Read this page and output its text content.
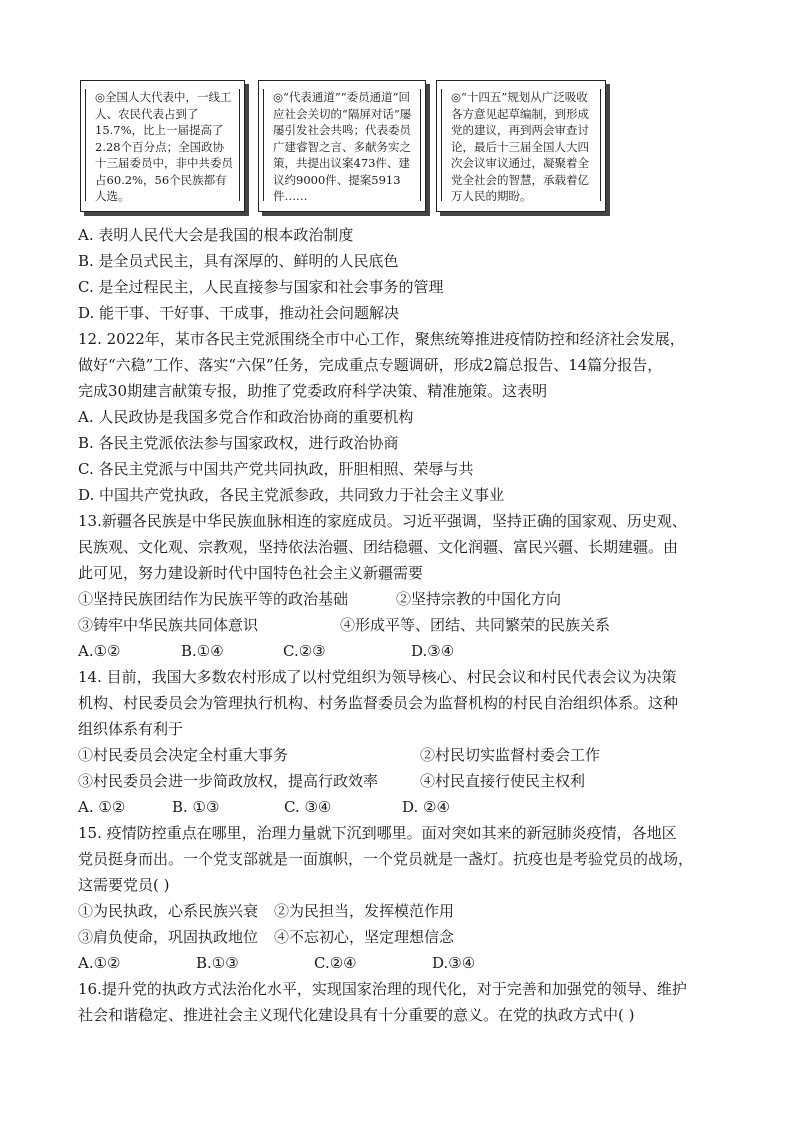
◎全国人大代表中，一线工人、农民代表占到了15.7%，比上一届提高了2.28个百分点；全国政协十三届委员中，非中共委员占60.2%，56个民族都有人选。
◎“代表通道”“委员通道”回应社会关切的“隔屏对话”屡屡引发社会共鸣；代表委员广建睿智之言、多献务实之策，共提出议案473件、建议约9000件、提案5913件……
◎“十四五”规划从广泛吸收各方意见起草编制，到形成党的建议，再到两会审查讨论，最后十三届全国人大四次会议审议通过，凝聚着全党全社会的智慧，承载着亿万人民的期盼。
A. 表明人民代大会是我国的根本政治制度
B. 是全员式民主，具有深厚的、鲜明的人民底色
C. 是全过程民主，人民直接参与国家和社会事务的管理
D. 能干事、干好事、干成事，推动社会问题解决
12. 2022年，某市各民主党派围绕全市中心工作，聚焦统筹推进疫情防控和经济社会发展，
做好“六稳”工作、落实“六保”任务，完成重点专题调研，形成2篇总报告、14篇分报告，
完成30期建言献策专报，助推了党委政府科学决策、精准施策。这表明
A. 人民政协是我国多党合作和政治协商的重要机构
B. 各民主党派依法参与国家政权，进行政治协商
C. 各民主党派与中国共产党共同执政，肝胆相照、荣辱与共
D. 中国共产党执政，各民主党派参政，共同致力于社会主义事业
13.新疆各民族是中华民族血脉相连的家庭成员。习近平强调，坚持正确的国家观、历史观、
民族观、文化观、宗教观，坚持依法治疆、团结稳疆、文化润疆、富民兴疆、长期建疆。由
此可见，努力建设新时代中国特色社会主义新疆需要
①坚持民族团结作为民族平等的政治基础	②坚持宗教的中国化方向
③铸牢中华民族共同体意识	④形成平等、团结、共同繁荣的民族关系
A.①②	B.①④	C.②③	D.③④
14. 目前，我国大多数农村形成了以村党组织为领导核心、村民会议和村民代表会议为决策
机构、村民委员会为管理执行机构、村务监督委员会为监督机构的村民自治组织体系。这种
组织体系有利于
①村民委员会决定全村重大事务	②村民切实监督村委会工作
③村民委员会进一步简政放权，提高行政效率	④村民直接行使民主权利
A. ①②	B. ①③	C. ③④	D. ②④
15. 疫情防控重点在哪里，治理力量就下沉到哪里。面对突如其来的新冠肺炎疫情，各地区
党员挺身而出。一个党支部就是一面旗帜，一个党员就是一盏灯。抗疫也是考验党员的战场，
这需要党员( )
①为民执政，心系民族兴衰	②为民担当，发挥模范作用
③肩负使命，巩固执政地位	④不忘初心，坚定理想信念
A.①②	B.①③	C.②④	D.③④
16.提升党的执政方式法治化水平，实现国家治理的现代化，对于完善和加强党的领导、维护
社会和谐稳定、推进社会主义现代化建设具有十分重要的意义。在党的执政方式中( )
